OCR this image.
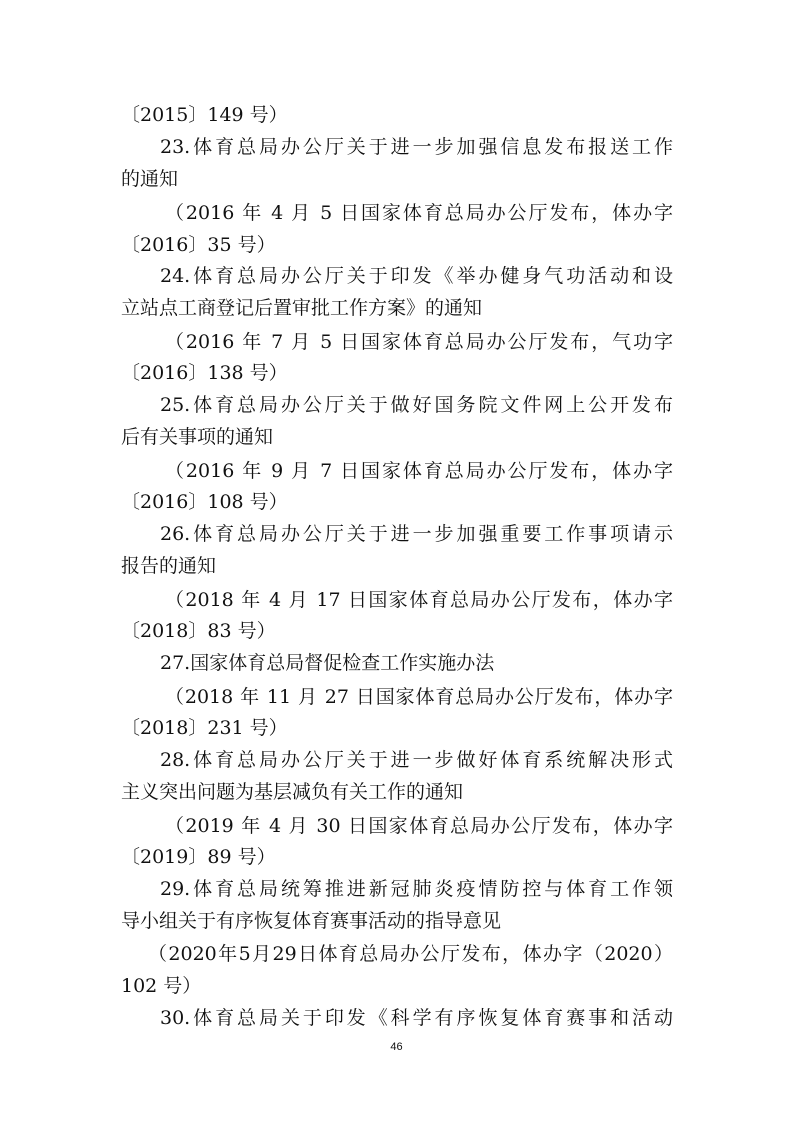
〔2015〕149 号）
23.体育总局办公厅关于进一步加强信息发布报送工作
的通知
（2016 年 4 月 5 日国家体育总局办公厅发布，体办字
〔2016〕35 号）
24.体育总局办公厅关于印发《举办健身气功活动和设
立站点工商登记后置审批工作方案》的通知
（2016 年 7 月 5 日国家体育总局办公厅发布，气功字
〔2016〕138 号）
25.体育总局办公厅关于做好国务院文件网上公开发布
后有关事项的通知
（2016 年 9 月 7 日国家体育总局办公厅发布，体办字
〔2016〕108 号）
26.体育总局办公厅关于进一步加强重要工作事项请示
报告的通知
（2018 年 4 月 17 日国家体育总局办公厅发布，体办字
〔2018〕83 号）
27.国家体育总局督促检查工作实施办法
（2018 年 11 月 27 日国家体育总局办公厅发布，体办字
〔2018〕231 号）
28.体育总局办公厅关于进一步做好体育系统解决形式
主义突出问题为基层减负有关工作的通知
（2019 年 4 月 30 日国家体育总局办公厅发布，体办字
〔2019〕89 号）
29.体育总局统筹推进新冠肺炎疫情防控与体育工作领
导小组关于有序恢复体育赛事活动的指导意见
（2020年5月29日体育总局办公厅发布，体办字（2020）
102 号）
30.体育总局关于印发《科学有序恢复体育赛事和活动
46
